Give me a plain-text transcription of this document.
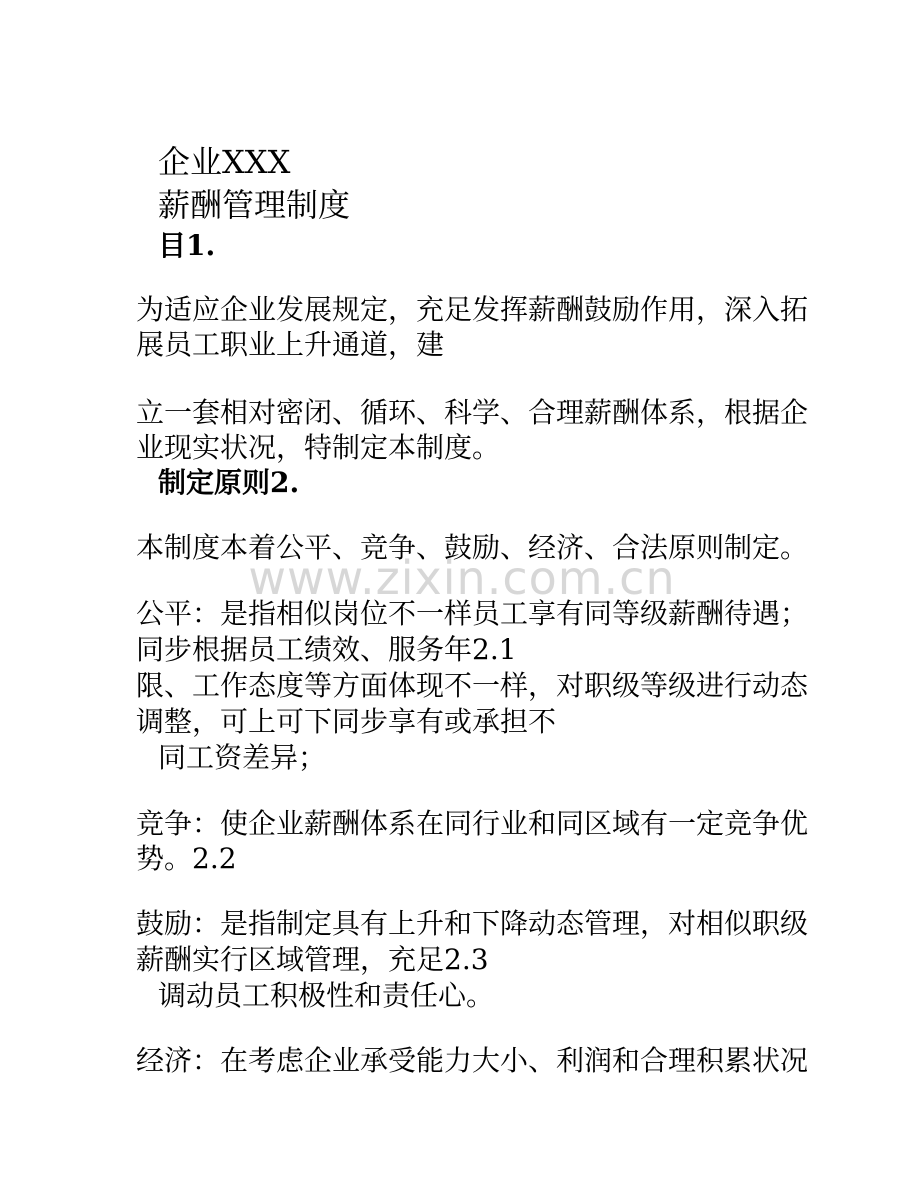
企业XXX

薪酬管理制度

目1.

为适应企业发展规定，充足发挥薪酬鼓励作用，深入拓

展员工职业上升通道，建

立一套相对密闭、循环、科学、合理薪酬体系，根据企

业现实状况，特制定本制度。

制定原则2.

本制度本着公平、竞争、鼓励、经济、合法原则制定。

www.zixin.com.cn

公平：是指相似岗位不一样员工享有同等级薪酬待遇；

同步根据员工绩效、服务年2.1

限、工作态度等方面体现不一样，对职级等级进行动态

调整，可上可下同步享有或承担不

同工资差异；

竞争：使企业薪酬体系在同行业和同区域有一定竞争优

势。2.2

鼓励：是指制定具有上升和下降动态管理，对相似职级

薪酬实行区域管理，充足2.3

调动员工积极性和责任心。

经济：在考虑企业承受能力大小、利润和合理积累状况
